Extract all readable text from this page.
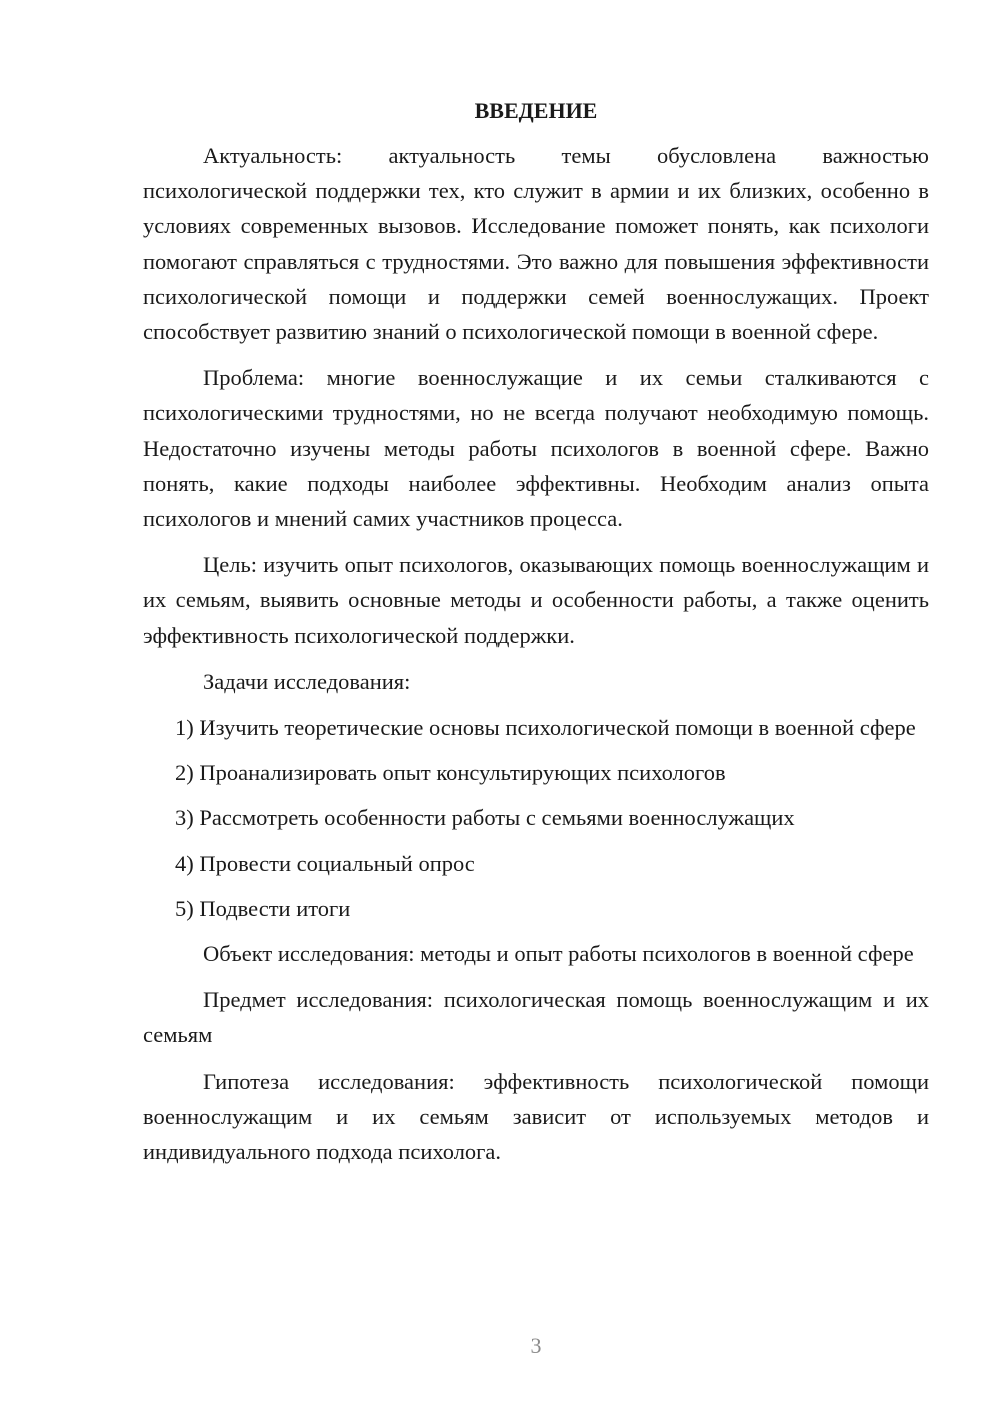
ВВЕДЕНИЕ

Актуальность: актуальность темы обусловлена важностью психологической поддержки тех, кто служит в армии и их близких, особенно в условиях современных вызовов. Исследование поможет понять, как психологи помогают справляться с трудностями. Это важно для повышения эффективности психологической помощи и поддержки семей военнослужащих. Проект способствует развитию знаний о психологической помощи в военной сфере.

Проблема: многие военнослужащие и их семьи сталкиваются с психологическими трудностями, но не всегда получают необходимую помощь. Недостаточно изучены методы работы психологов в военной сфере. Важно понять, какие подходы наиболее эффективны. Необходим анализ опыта психологов и мнений самих участников процесса.

Цель: изучить опыт психологов, оказывающих помощь военнослужащим и их семьям, выявить основные методы и особенности работы, а также оценить эффективность психологической поддержки.

Задачи исследования:

1) Изучить теоретические основы психологической помощи в военной сфере
2) Проанализировать опыт консультирующих психологов
3) Рассмотреть особенности работы с семьями военнослужащих
4) Провести социальный опрос
5) Подвести итоги

Объект исследования: методы и опыт работы психологов в военной сфере

Предмет исследования: психологическая помощь военнослужащим и их семьям

Гипотеза исследования: эффективность психологической помощи военнослужащим и их семьям зависит от используемых методов и индивидуального подхода психолога.

3
